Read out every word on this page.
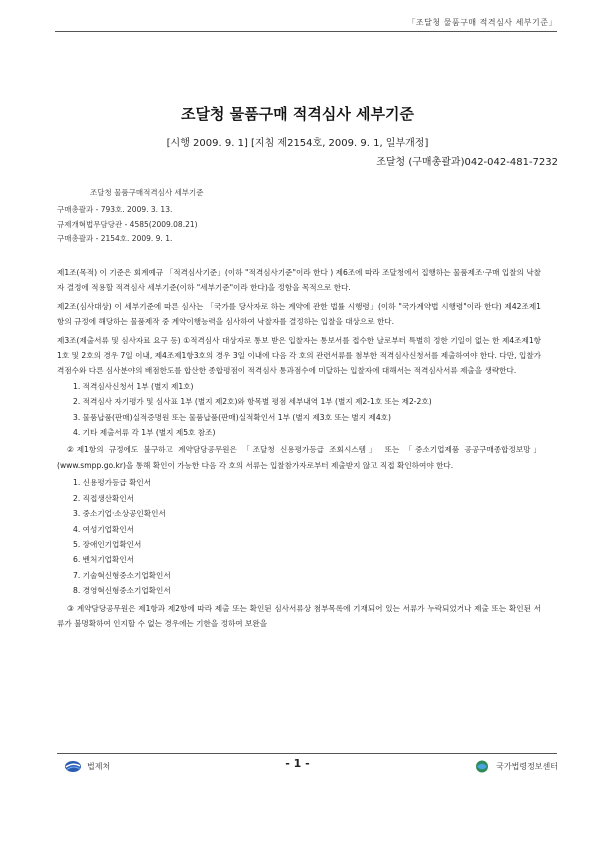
「조달청 물품구매 적격심사 세부기준」
조달청 물품구매 적격심사 세부기준
[시행 2009. 9. 1] [지침 제2154호, 2009. 9. 1, 일부개정]
조달청 (구매총괄과)042-042-481-7232
조달청 물품구매적격심사 세부기준
구매총괄과 - 793호. 2009. 3. 13.
규제개혁법무담당관 - 4585(2009.08.21)
구매총괄과 - 2154호. 2009. 9. 1.

제1조(목적) 이 기준은 회계예규 「적격심사기준」(이하 "적격심사기준"이라 한다 ) 제6조에 따라 조달청에서 집행하는 물품제조·구매 입찰의 낙찰자 결정에 적용할 적격심사 세부기준(이하 "세부기준"이라 한다)을 정함을 목적으로 한다.

제2조(심사대상) 이 세부기준에 따른 심사는 「국가를 당사자로 하는 계약에 관한 법률 시행령」(이하 "국가계약법 시행령"이라 한다) 제42조제1항의 규정에 해당하는 물품제작 중 계약이행능력을 심사하여 낙찰자를 결정하는 입찰을 대상으로 한다.

제3조(제출서류 및 심사자료 요구 등) ①적격심사 대상자로 통보 받은 입찰자는 통보서를 접수한 날로부터 특별히 정한 기일이 없는 한 제4조제1항1호 및 2호의 경우 7일 이내, 제4조제1항3호의 경우 3일 이내에 다음 각 호의 관련서류를 첨부한 적격심사신청서를 제출하여야 한다. 다만, 입찰가격점수와 다른 심사분야의 배점한도를 합산한 종합평점이 적격심사 통과점수에 미달하는 입찰자에 대해서는 적격심사서류 제출을 생략한다.

1. 적격심사신청서 1부 (별지 제1호)

2. 적격심사 자기평가 및 심사표 1부 (별지 제2호)와 항목별 평점 세부내역 1부 (별지 제2-1호 또는 제2-2호)

3. 물품납품(판매)실적증명원 또는 물품납품(판매)실적확인서 1부 (별지 제3호 또는 별지 제4호)

4. 기타 제출서류 각 1부 (별지 제5호 참조)

②제1항의 규정에도 불구하고 계약담당공무원은 「조달청 신용평가등급 조회시스템」 또는 「중소기업제품 공공구매종합정보망」(www.smpp.go.kr)을 통해 확인이 가능한 다음 각 호의 서류는 입찰참가자로부터 제출받지 않고 직접 확인하여야 한다.

1. 신용평가등급 확인서

2. 직접생산확인서

3. 중소기업·소상공인확인서

4. 여성기업확인서

5. 장애인기업확인서

6. 벤처기업확인서

7. 기술혁신형중소기업확인서

8. 경영혁신형중소기업확인서

③ 계약담당공무원은 제1항과 제2항에 따라 제출 또는 확인된 심사서류상 첨부목록에 기재되어 있는 서류가 누락되었거나 제출 또는 확인된 서류가 불명확하여 인지할 수 없는 경우에는 기한을 정하여 보완을

법제처	- 1 -	국가법령정보센터
